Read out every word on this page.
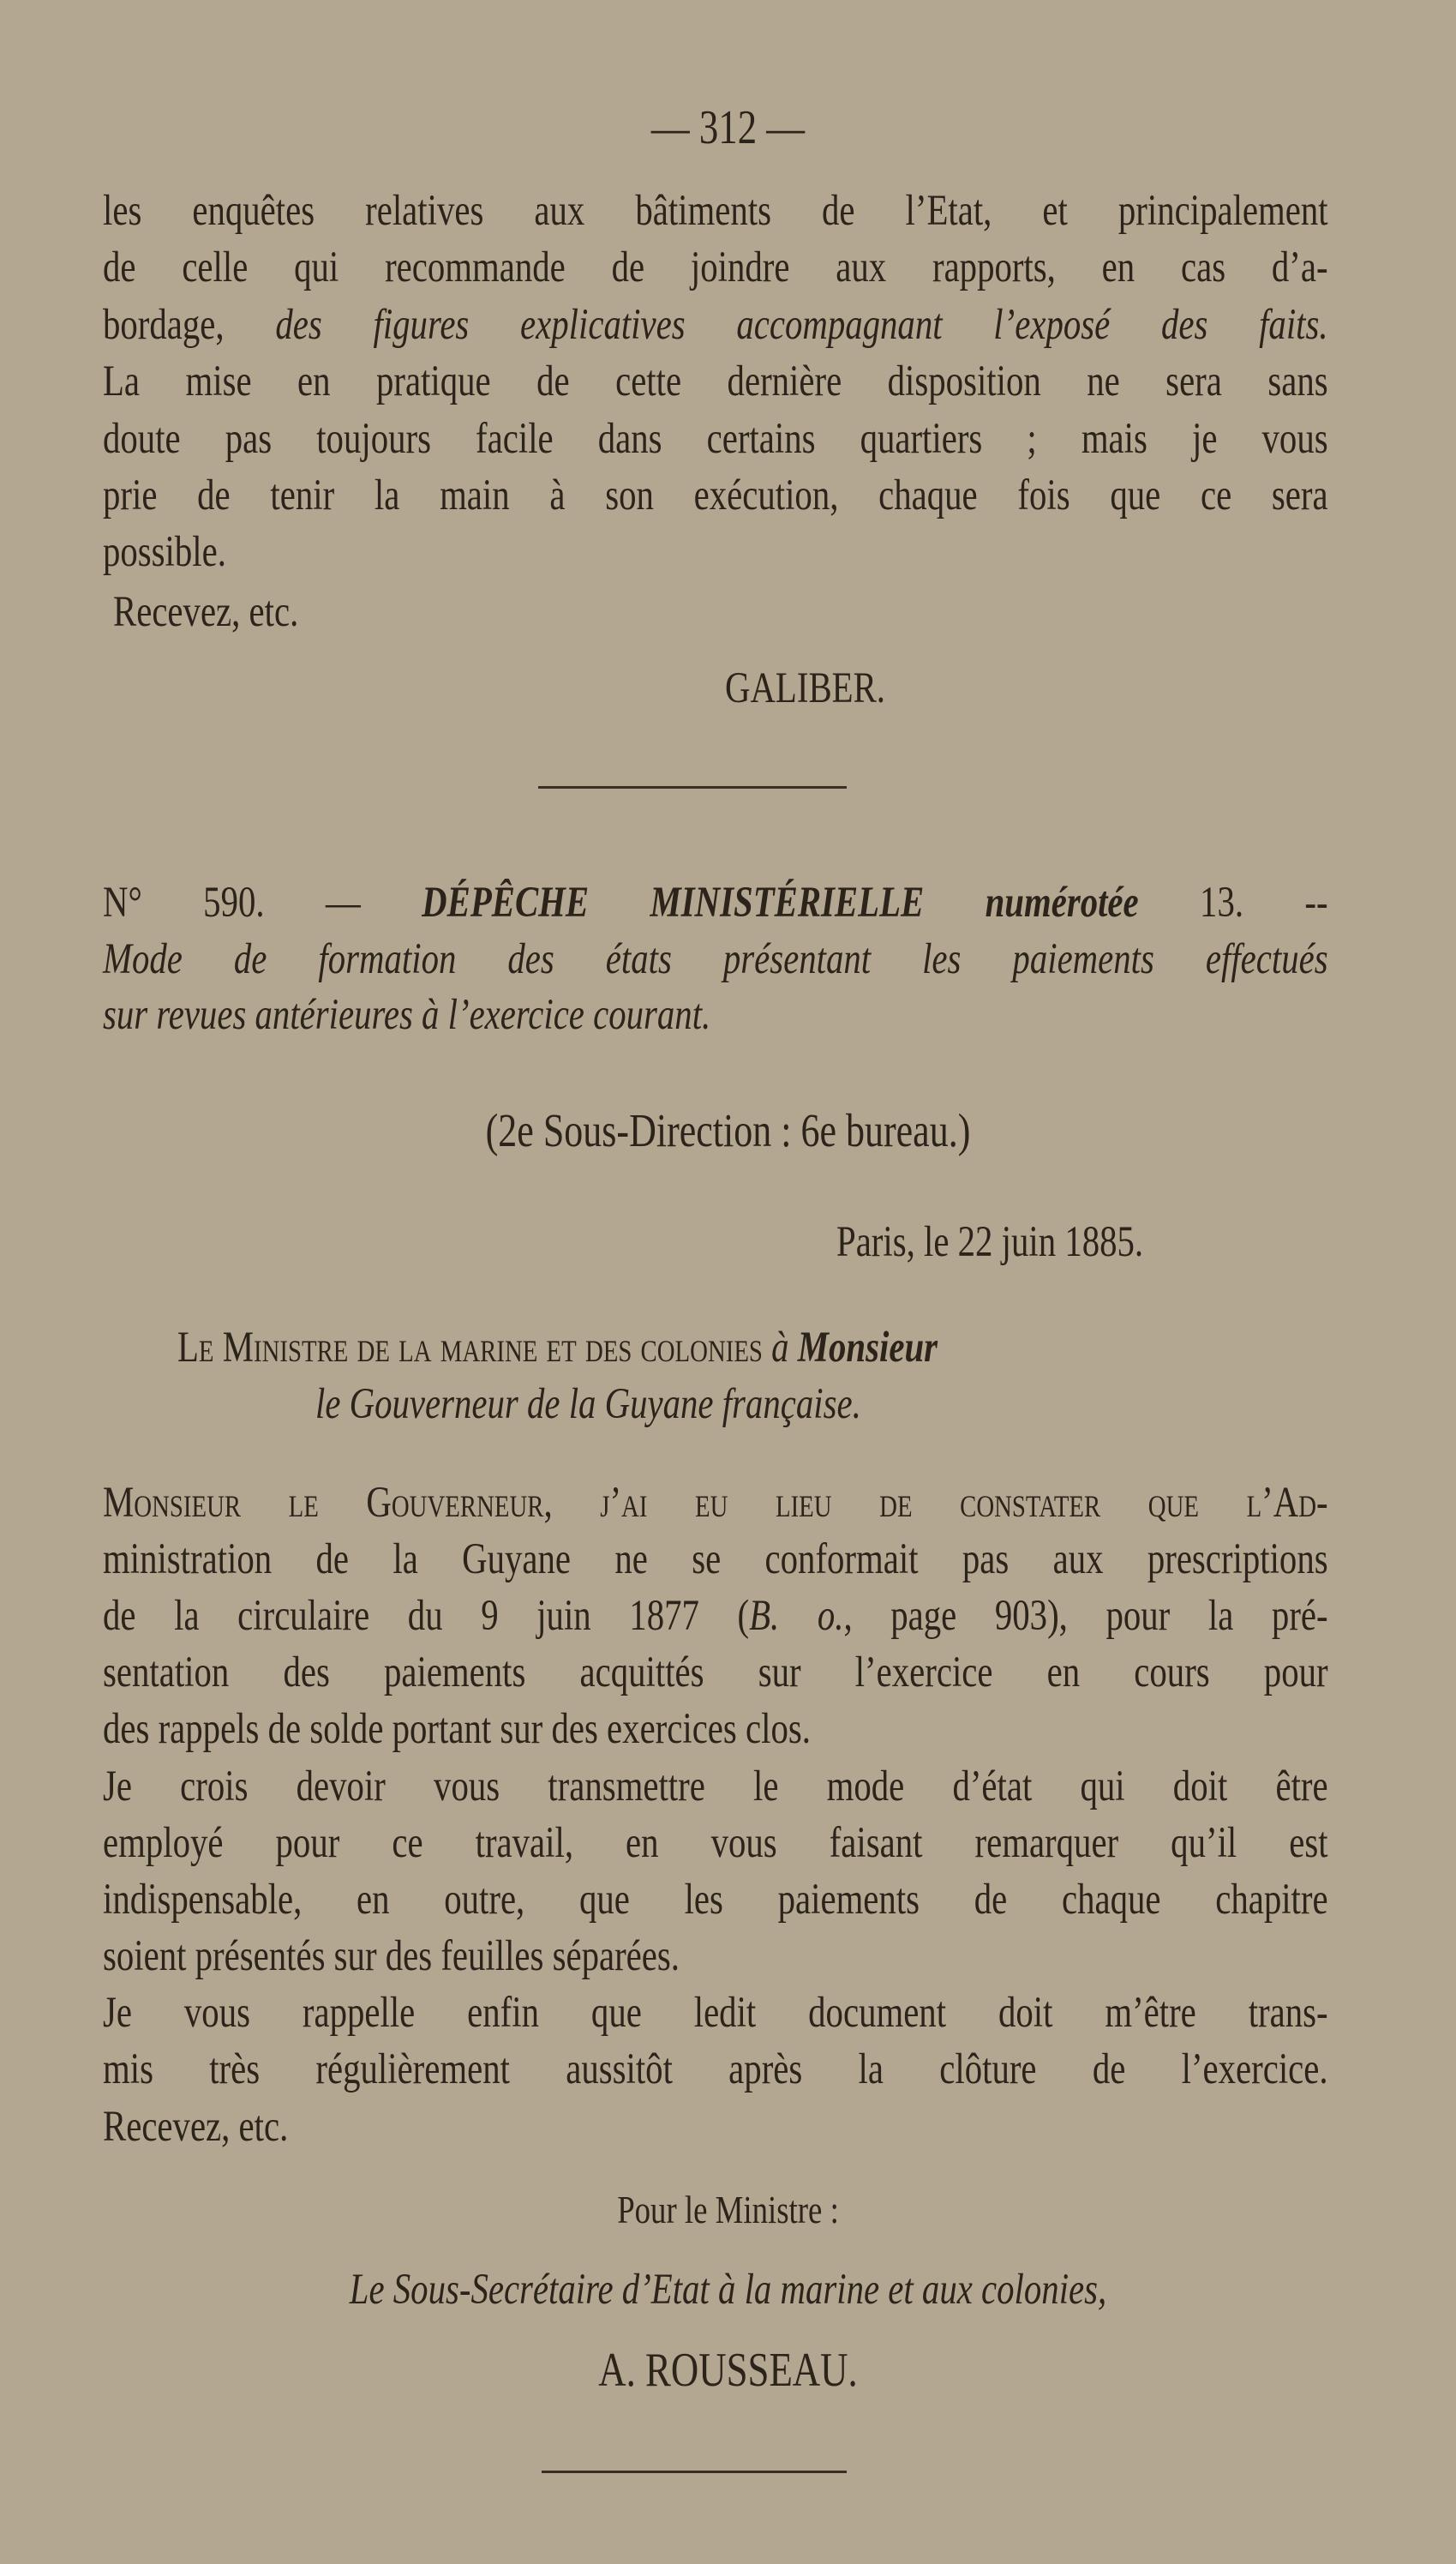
— 312 —
les enquêtes relatives aux bâtiments de l’Etat, et principalement
de celle qui recommande de joindre aux rapports, en cas d’a-
bordage, des figures explicatives accompagnant l’exposé des faits.
La mise en pratique de cette dernière disposition ne sera sans
doute pas toujours facile dans certains quartiers ; mais je vous
prie de tenir la main à son exécution, chaque fois que ce sera
possible.
Recevez, etc.
GALIBER.
N° 590. — DÉPÊCHE MINISTÉRIELLE numérotée 13. --
Mode de formation des états présentant les paiements effectués
sur revues antérieures à l’exercice courant.
(2e Sous-Direction : 6e bureau.)
Paris, le 22 juin 1885.
Le Ministre de la marine et des colonies à Monsieur
le Gouverneur de la Guyane française.
Monsieur le Gouverneur, j’ai eu lieu de constater que l’Ad-
ministration de la Guyane ne se conformait pas aux prescriptions
de la circulaire du 9 juin 1877 (B. o., page 903), pour la pré-
sentation des paiements acquittés sur l’exercice en cours pour
des rappels de solde portant sur des exercices clos.
Je crois devoir vous transmettre le mode d’état qui doit être
employé pour ce travail, en vous faisant remarquer qu’il est
indispensable, en outre, que les paiements de chaque chapitre
soient présentés sur des feuilles séparées.
Je vous rappelle enfin que ledit document doit m’être trans-
mis très régulièrement aussitôt après la clôture de l’exercice.
Recevez, etc.
Pour le Ministre :
Le Sous-Secrétaire d’Etat à la marine et aux colonies,
A. ROUSSEAU.
